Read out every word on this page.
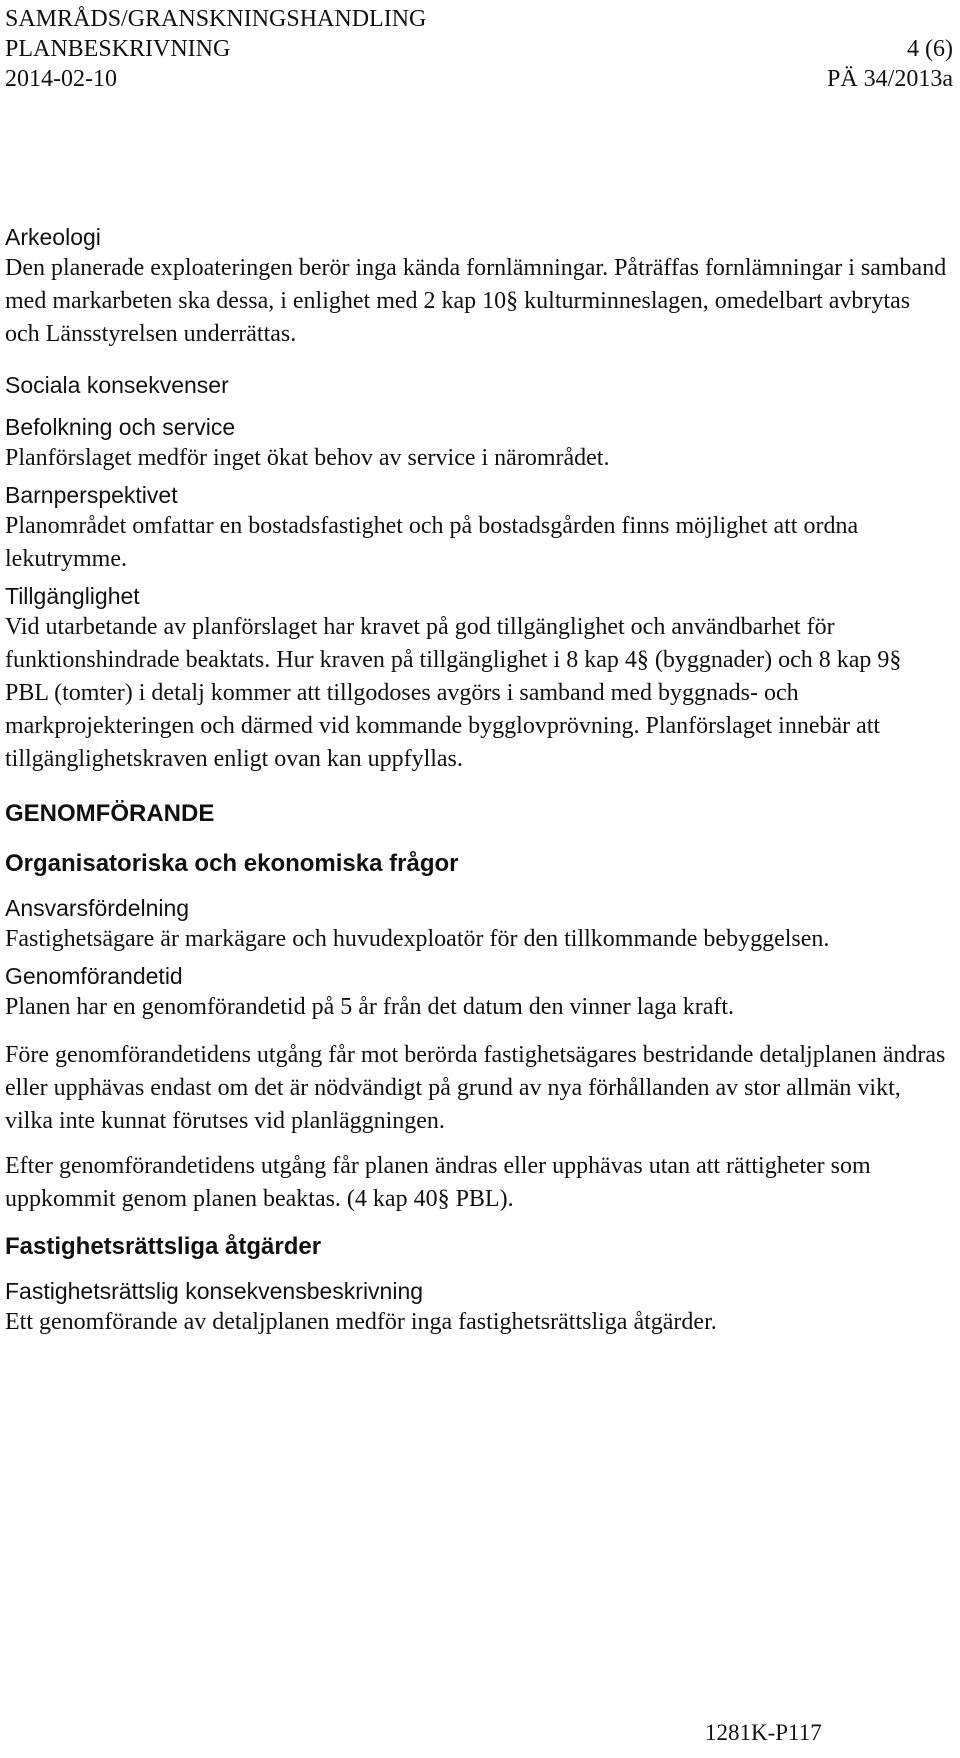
SAMRÅDS/GRANSKNINGSHANDLING
PLANBESKRIVNING	4 (6)
2014-02-10	PÄ 34/2013a
Arkeologi

Den planerade exploateringen berör inga kända fornlämningar. Påträffas fornlämningar i samband med markarbeten ska dessa, i enlighet med 2 kap 10§ kulturminneslagen, omedelbart avbrytas och Länsstyrelsen underrättas.

Sociala konsekvenser
Befolkning och service

Planförslaget medför inget ökat behov av service i närområdet.

Barnperspektivet

Planområdet omfattar en bostadsfastighet och på bostadsgården finns möjlighet att ordna lekutrymme.

Tillgänglighet

Vid utarbetande av planförslaget har kravet på god tillgänglighet och användbarhet för funktionshindrade beaktats. Hur kraven på tillgänglighet i 8 kap 4§ (byggnader) och 8 kap 9§ PBL (tomter) i detalj kommer att tillgodoses avgörs i samband med byggnads- och markprojekteringen och därmed vid kommande bygglovprövning. Planförslaget innebär att tillgänglighetskraven enligt ovan kan uppfyllas.

GENOMFÖRANDE
Organisatoriska och ekonomiska frågor
Ansvarsfördelning

Fastighetsägare är markägare och huvudexploatör för den tillkommande bebyggelsen.

Genomförandetid

Planen har en genomförandetid på 5 år från det datum den vinner laga kraft.

Före genomförandetidens utgång får mot berörda fastighetsägares bestridande detaljplanen ändras eller upphävas endast om det är nödvändigt på grund av nya förhållanden av stor allmän vikt, vilka inte kunnat förutses vid planläggningen.

Efter genomförandetidens utgång får planen ändras eller upphävas utan att rättigheter som uppkommit genom planen beaktas. (4 kap 40§ PBL).

Fastighetsrättsliga åtgärder
Fastighetsrättslig konsekvensbeskrivning

Ett genomförande av detaljplanen medför inga fastighetsrättsliga åtgärder.

1281K-P117
